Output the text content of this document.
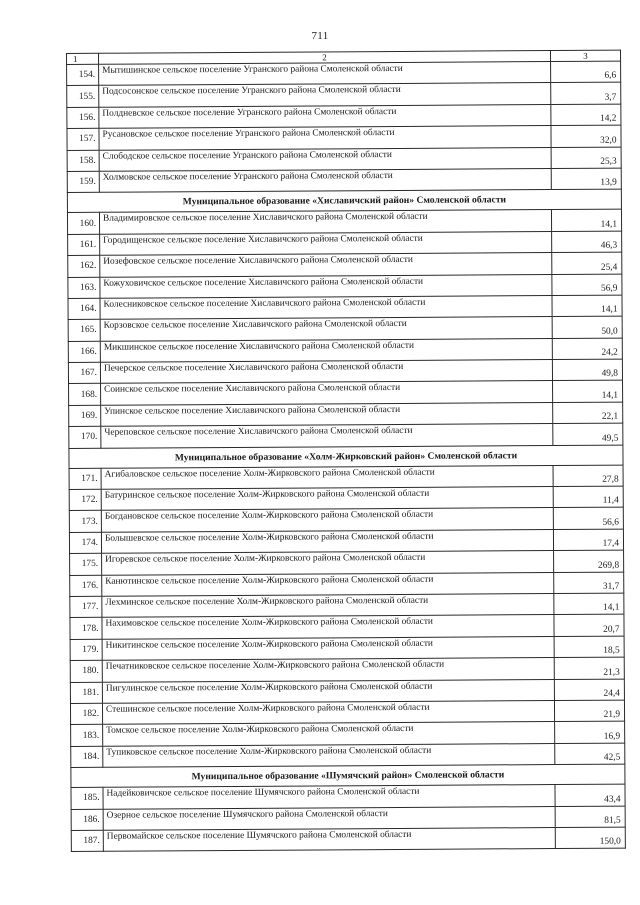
711
1	2	3
154.	Мытишинское сельское поселение Угранского района Смоленской области	6,6
155.	Подсосонское сельское поселение Угранского района Смоленской области	3,7
156.	Полдневское сельское поселение Угранского района Смоленской области	14,2
157.	Русановское сельское поселение Угранского района Смоленской области	32,0
158.	Слободское сельское поселение Угранского района Смоленской области	25,3
159.	Холмовское сельское поселение Угранского района Смоленской области	13,9
Муниципальное образование «Хиславичский район» Смоленской области		
160.	Владимировское сельское поселение Хиславичского района Смоленской области	14,1
161.	Городищенское сельское поселение Хиславичского района Смоленской области	46,3
162.	Иозефовское сельское поселение Хиславичского района Смоленской области	25,4
163.	Кожуховичское сельское поселение Хиславичского района Смоленской области	56,9
164.	Колесниковское сельское поселение Хиславичского района Смоленской области	14,1
165.	Корзовское сельское поселение Хиславичского района Смоленской области	50,0
166.	Микшинское сельское поселение Хиславичского района Смоленской области	24,2
167.	Печерское сельское поселение Хиславичского района Смоленской области	49,8
168.	Соинское сельское поселение Хиславичского района Смоленской области	14,1
169.	Упинское сельское поселение Хиславичского района Смоленской области	22,1
170.	Череповское сельское поселение Хиславичского района Смоленской области	49,5
Муниципальное образование «Холм-Жирковский район» Смоленской области		
171.	Агибаловское сельское поселение Холм-Жирковского района Смоленской области	27,8
172.	Батуринское сельское поселение Холм-Жирковского района Смоленской области	11,4
173.	Богдановское сельское поселение Холм-Жирковского района Смоленской области	56,6
174.	Болышевское сельское поселение Холм-Жирковского района Смоленской области	17,4
175.	Игоревское сельское поселение Холм-Жирковского района Смоленской области	269,8
176.	Канютинское сельское поселение Холм-Жирковского района Смоленской области	31,7
177.	Лехминское сельское поселение Холм-Жирковского района Смоленской области	14,1
178.	Нахимовское сельское поселение Холм-Жирковского района Смоленской области	20,7
179.	Никитинское сельское поселение Холм-Жирковского района Смоленской области	18,5
180.	Печатниковское сельское поселение Холм-Жирковского района Смоленской области	21,3
181.	Пигулинское сельское поселение Холм-Жирковского района Смоленской области	24,4
182.	Стешинское сельское поселение Холм-Жирковского района Смоленской области	21,9
183.	Томское сельское поселение Холм-Жирковского района Смоленской области	16,9
184.	Тупиковское сельское поселение Холм-Жирковского района Смоленской области	42,5
Муниципальное образование «Шумячский район» Смоленской области		
185.	Надейковичское сельское поселение Шумячского района Смоленской области	43,4
186.	Озерное сельское поселение Шумячского района Смоленской области	81,5
187.	Первомайское сельское поселение Шумячского района Смоленской области	150,0
